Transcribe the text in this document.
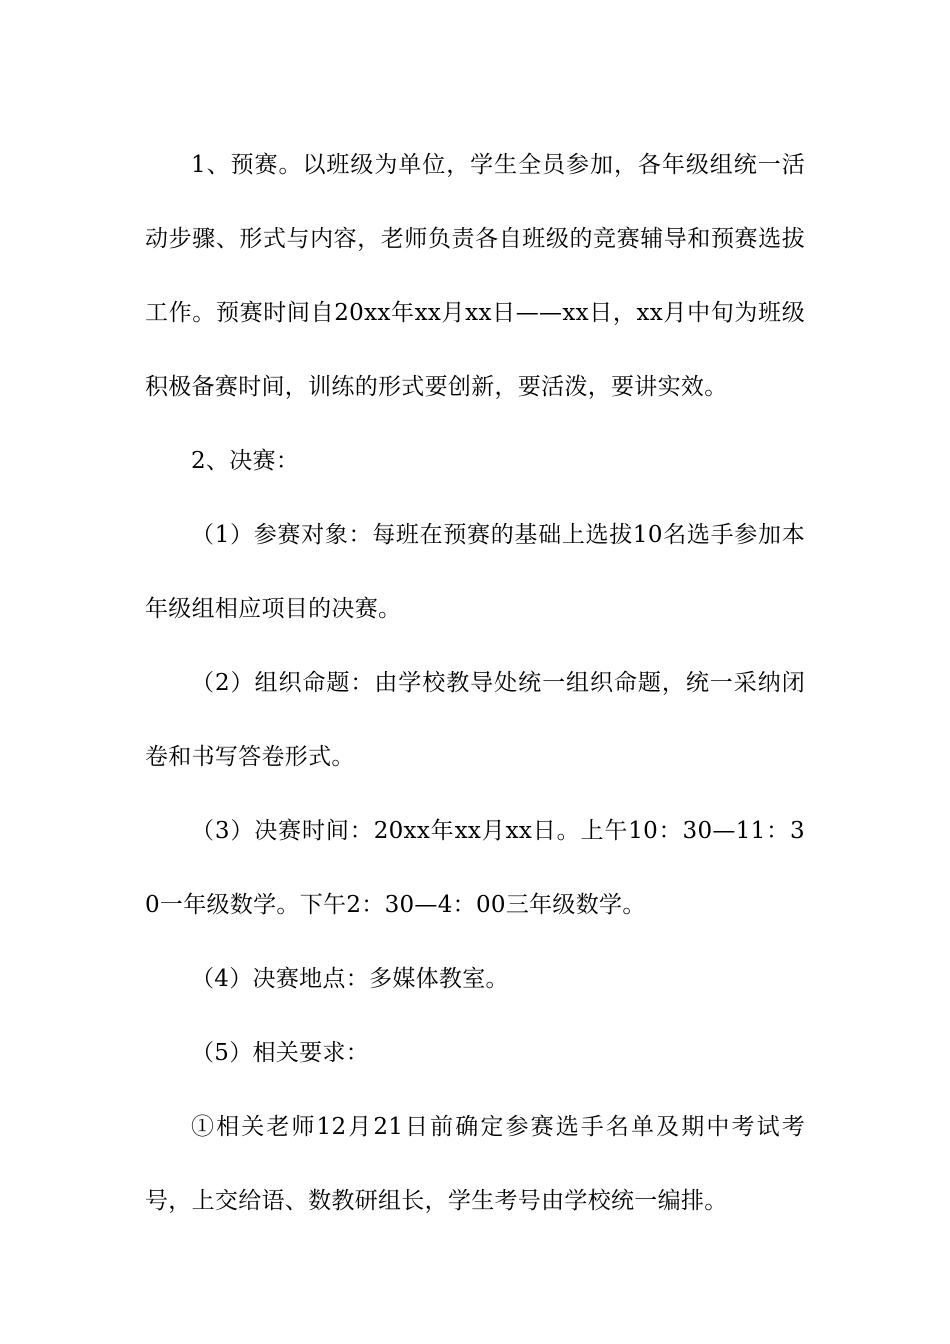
1、预赛。以班级为单位，学生全员参加，各年级组统一活动步骤、形式与内容，老师负责各自班级的竞赛辅导和预赛选拔工作。预赛时间自20xx年xx月xx日——xx日，xx月中旬为班级积极备赛时间，训练的形式要创新，要活泼，要讲实效。

2、决赛：

（1）参赛对象：每班在预赛的基础上选拔10名选手参加本年级组相应项目的决赛。

（2）组织命题：由学校教导处统一组织命题，统一采纳闭卷和书写答卷形式。

（3）决赛时间：20xx年xx月xx日。上午10：30—11：30一年级数学。下午2：30—4：00三年级数学。

（4）决赛地点：多媒体教室。

（5）相关要求：

①相关老师12月21日前确定参赛选手名单及期中考试考号，上交给语、数教研组长，学生考号由学校统一编排。
